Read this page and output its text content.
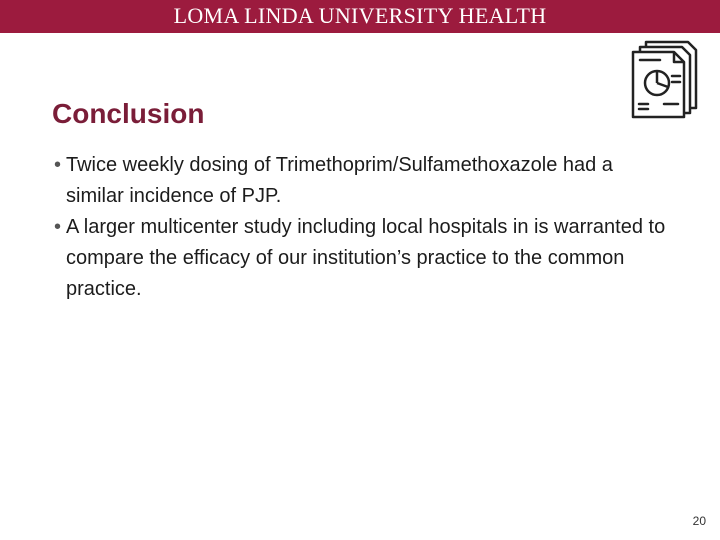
LOMA LINDA UNIVERSITY HEALTH
Conclusion
• Twice weekly dosing of Trimethoprim/Sulfamethoxazole had a similar incidence of PJP.
• A larger multicenter study including local hospitals in is warranted to compare the efficacy of our institution’s practice to the common practice.
20
